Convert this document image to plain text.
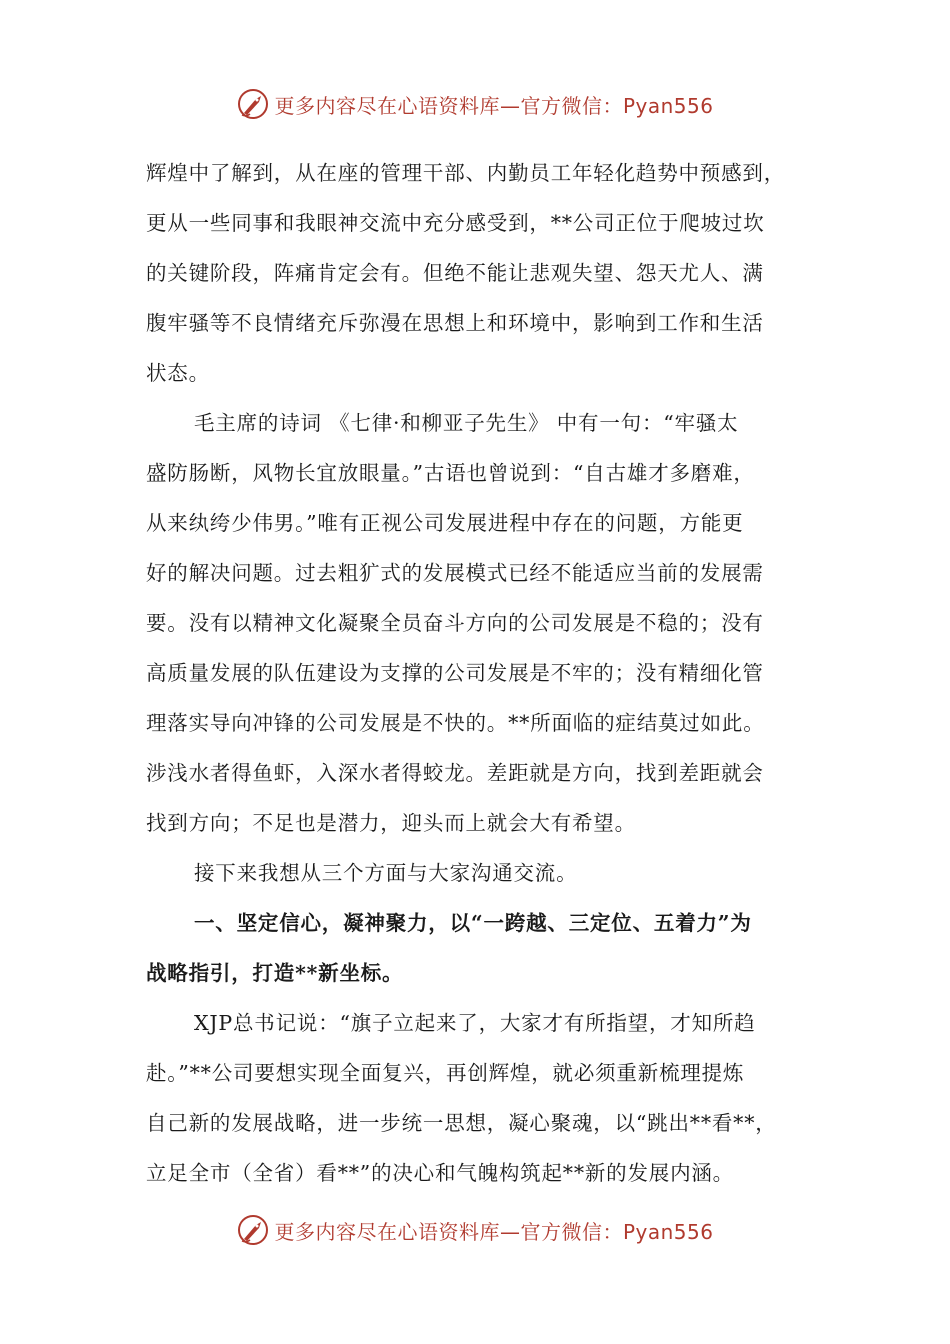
更多内容尽在心语资料库—官方微信：Pyan556
辉煌中了解到，从在座的管理干部、内勤员工年轻化趋势中预感到，
更从一些同事和我眼神交流中充分感受到，**公司正位于爬坡过坎
的关键阶段，阵痛肯定会有。但绝不能让悲观失望、怨天尤人、满
腹牢骚等不良情绪充斥弥漫在思想上和环境中，影响到工作和生活
状态。
毛主席的诗词 《七律·和柳亚子先生》 中有一句：“牢骚太
盛防肠断，风物长宜放眼量。”古语也曾说到：“自古雄才多磨难，
从来纨绔少伟男。”唯有正视公司发展进程中存在的问题，方能更
好的解决问题。过去粗犷式的发展模式已经不能适应当前的发展需
要。没有以精神文化凝聚全员奋斗方向的公司发展是不稳的；没有
高质量发展的队伍建设为支撑的公司发展是不牢的；没有精细化管
理落实导向冲锋的公司发展是不快的。**所面临的症结莫过如此。
涉浅水者得鱼虾，入深水者得蛟龙。差距就是方向，找到差距就会
找到方向；不足也是潜力，迎头而上就会大有希望。
接下来我想从三个方面与大家沟通交流。
一、坚定信心，凝神聚力，以“一跨越、三定位、五着力”为
战略指引，打造**新坐标。
XJP总书记说：“旗子立起来了，大家才有所指望，才知所趋
赴。”**公司要想实现全面复兴，再创辉煌，就必须重新梳理提炼
自己新的发展战略，进一步统一思想，凝心聚魂，以“跳出**看**，
立足全市（全省）看**”的决心和气魄构筑起**新的发展内涵。
更多内容尽在心语资料库—官方微信：Pyan556
